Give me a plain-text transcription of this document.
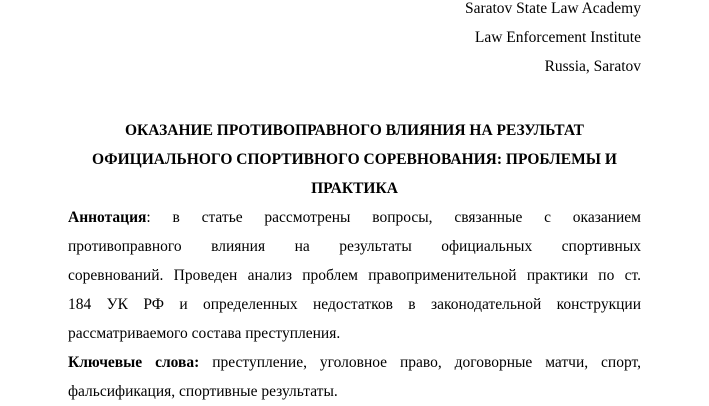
Saratov State Law Academy
Law Enforcement Institute
Russia, Saratov

ОКАЗАНИЕ ПРОТИВОПРАВНОГО ВЛИЯНИЯ НА РЕЗУЛЬТАТ
ОФИЦИАЛЬНОГО СПОРТИВНОГО СОРЕВНОВАНИЯ: ПРОБЛЕМЫ И
ПРАКТИКА

Аннотация: в статье рассмотрены вопросы, связанные с оказанием
противоправного влияния на результаты официальных спортивных
соревнований. Проведен анализ проблем правоприменительной практики по ст.
184 УК РФ и определенных недостатков в законодательной конструкции
рассматриваемого состава преступления.

Ключевые слова: преступление, уголовное право, договорные матчи, спорт,
фальсификация, спортивные результаты.
